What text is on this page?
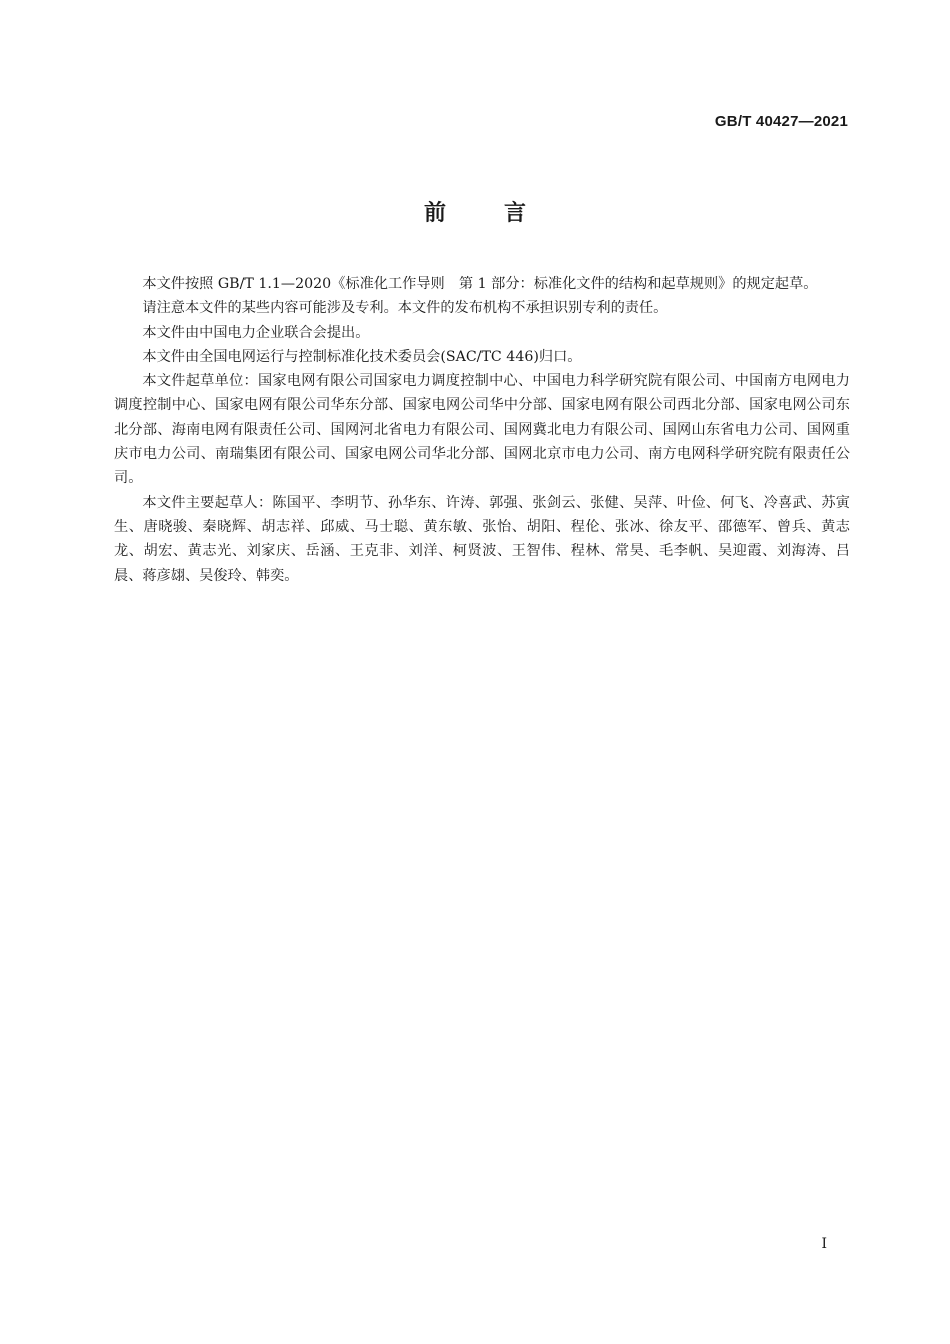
GB/T 40427—2021
前言

本文件按照 GB/T 1.1—2020《标准化工作导则　第 1 部分：标准化文件的结构和起草规则》的规定起草。

请注意本文件的某些内容可能涉及专利。本文件的发布机构不承担识别专利的责任。

本文件由中国电力企业联合会提出。

本文件由全国电网运行与控制标准化技术委员会(SAC/TC 446)归口。

本文件起草单位：国家电网有限公司国家电力调度控制中心、中国电力科学研究院有限公司、中国南方电网电力调度控制中心、国家电网有限公司华东分部、国家电网公司华中分部、国家电网有限公司西北分部、国家电网公司东北分部、海南电网有限责任公司、国网河北省电力有限公司、国网冀北电力有限公司、国网山东省电力公司、国网重庆市电力公司、南瑞集团有限公司、国家电网公司华北分部、国网北京市电力公司、南方电网科学研究院有限责任公司。

本文件主要起草人：陈国平、李明节、孙华东、许涛、郭强、张剑云、张健、吴萍、叶俭、何飞、冷喜武、苏寅生、唐晓骏、秦晓辉、胡志祥、邱威、马士聪、黄东敏、张怡、胡阳、程伦、张冰、徐友平、邵德军、曾兵、黄志龙、胡宏、黄志光、刘家庆、岳涵、王克非、刘洋、柯贤波、王智伟、程林、常昊、毛李帆、吴迎霞、刘海涛、吕晨、蒋彦翃、吴俊玲、韩奕。

I
